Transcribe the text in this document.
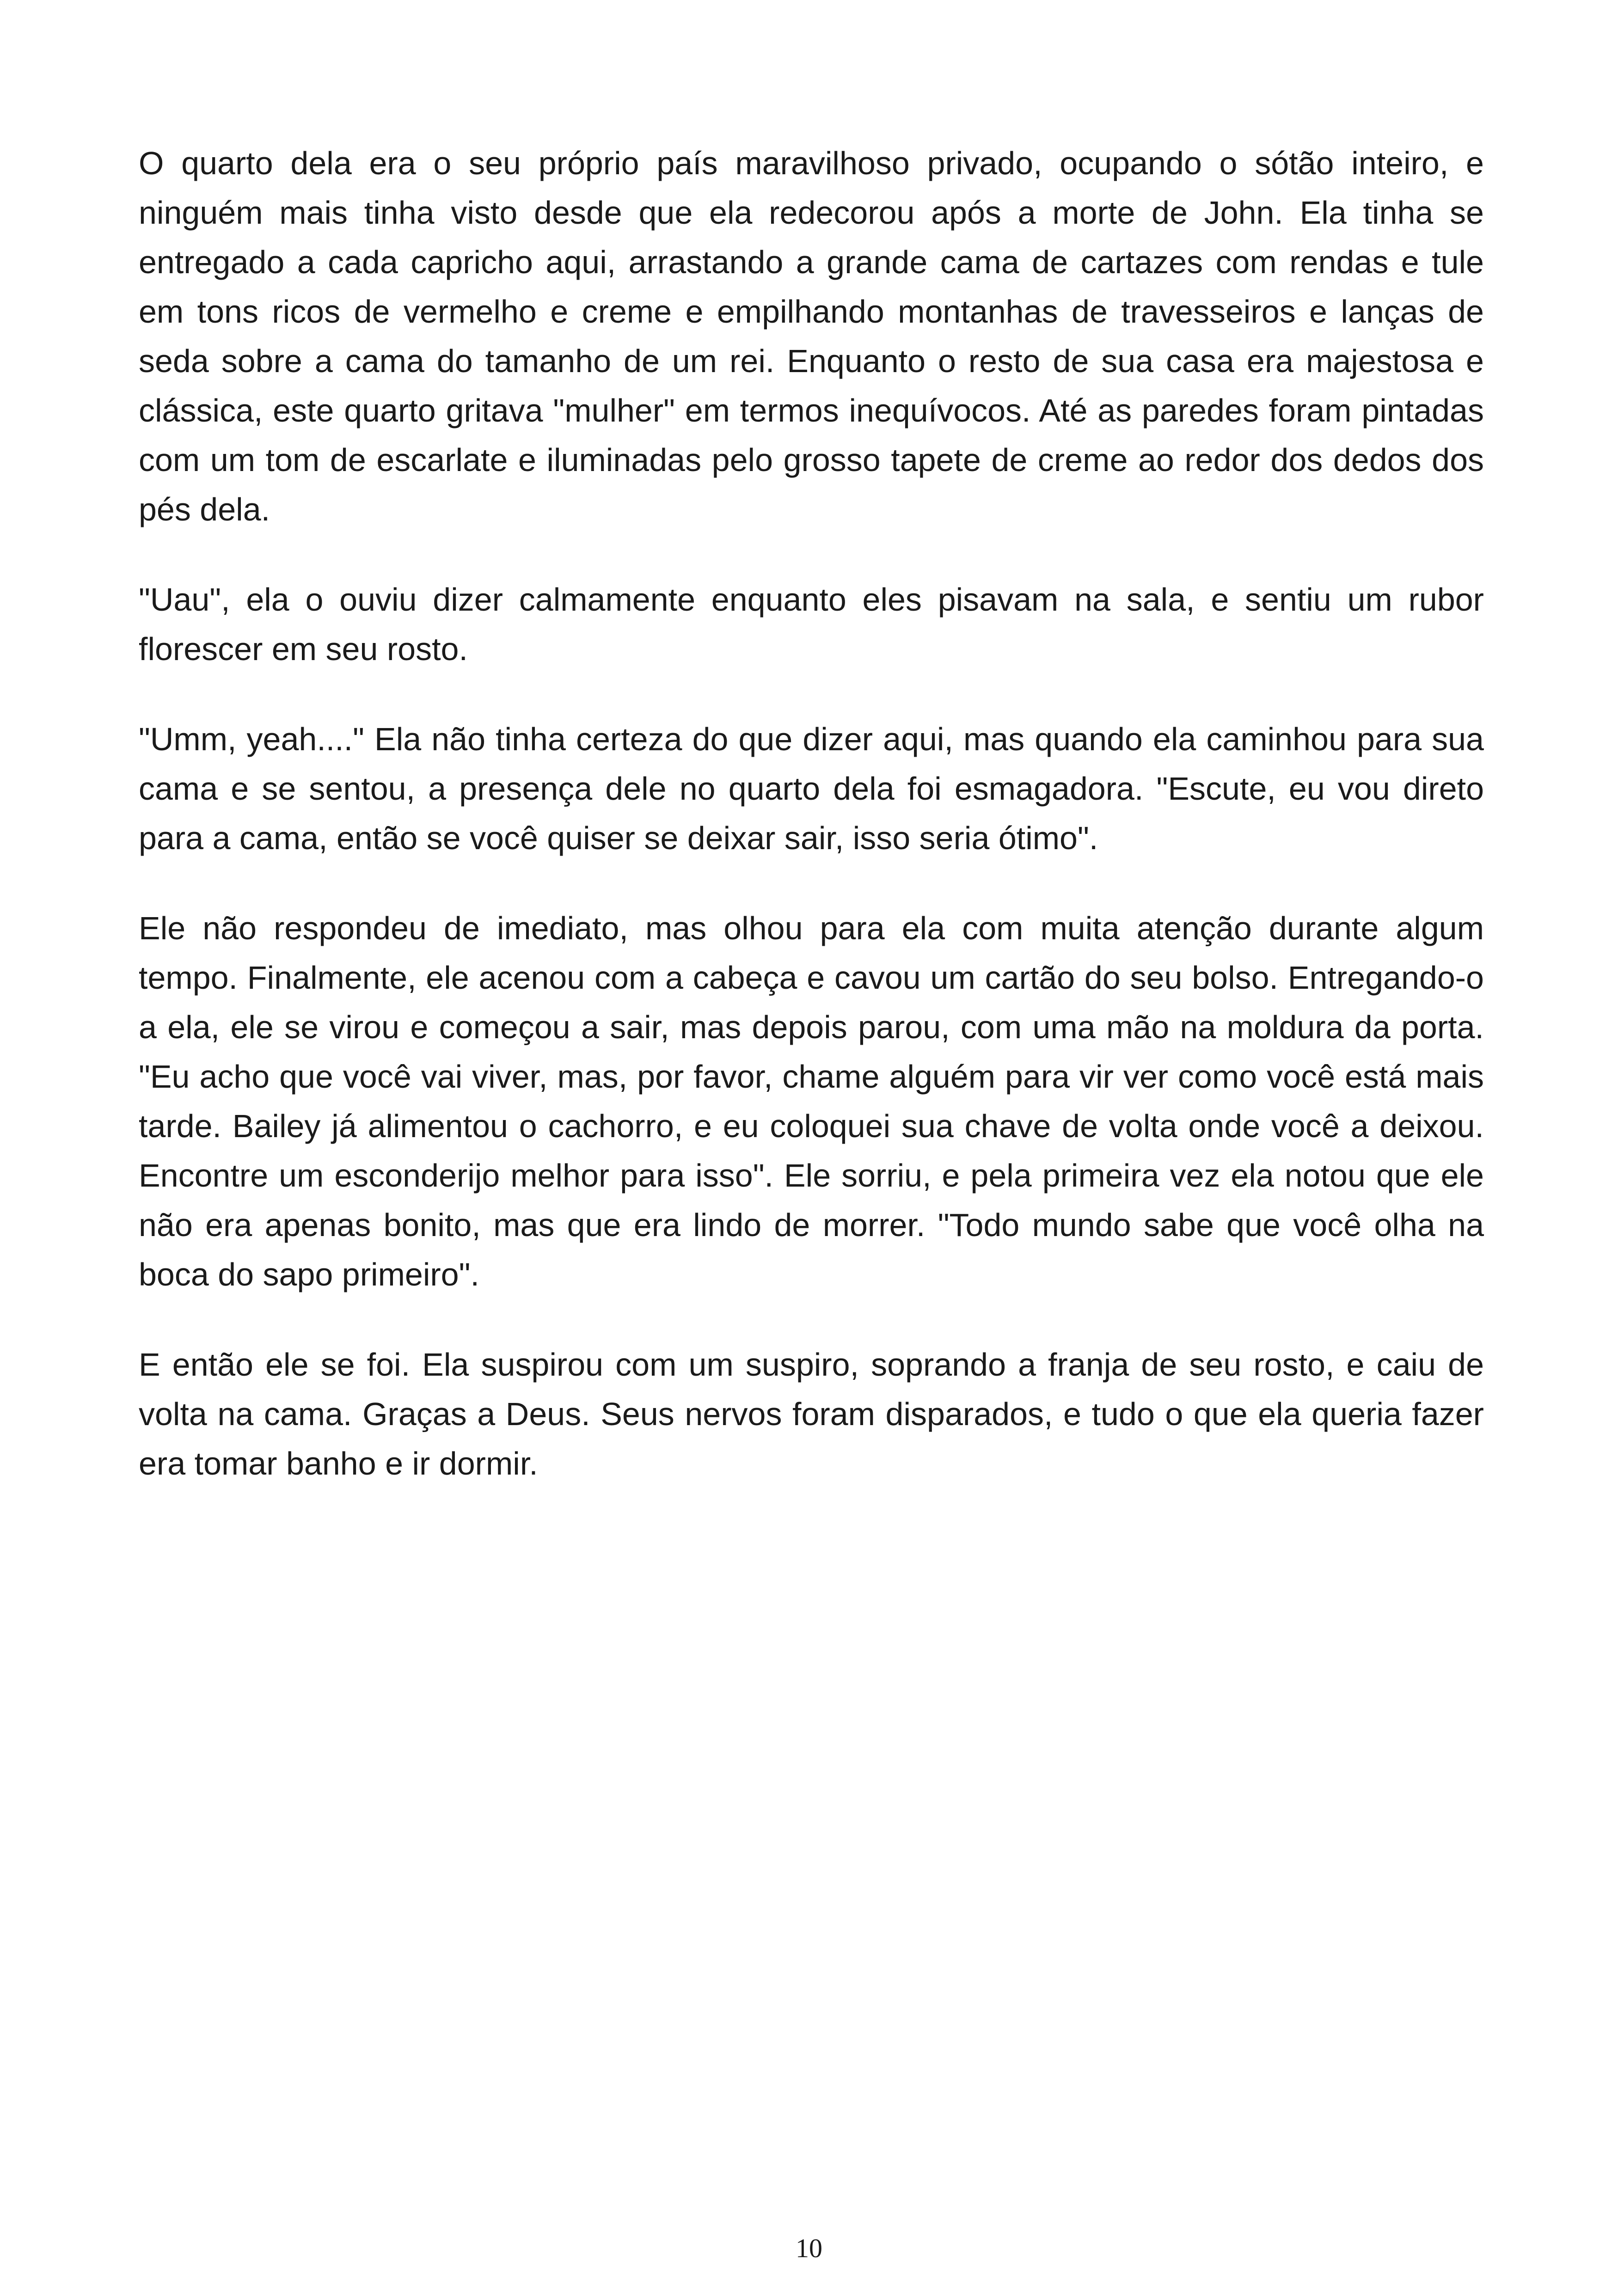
O quarto dela era o seu próprio país maravilhoso privado, ocupando o sótão inteiro, e ninguém mais tinha visto desde que ela redecorou após a morte de John. Ela tinha se entregado a cada capricho aqui, arrastando a grande cama de cartazes com rendas e tule em tons ricos de vermelho e creme e empilhando montanhas de travesseiros e lanças de seda sobre a cama do tamanho de um rei. Enquanto o resto de sua casa era majestosa e clássica, este quarto gritava "mulher" em termos inequívocos. Até as paredes foram pintadas com um tom de escarlate e iluminadas pelo grosso tapete de creme ao redor dos dedos dos pés dela.

"Uau", ela o ouviu dizer calmamente enquanto eles pisavam na sala, e sentiu um rubor florescer em seu rosto.

"Umm, yeah...." Ela não tinha certeza do que dizer aqui, mas quando ela caminhou para sua cama e se sentou, a presença dele no quarto dela foi esmagadora. "Escute, eu vou direto para a cama, então se você quiser se deixar sair, isso seria ótimo".

Ele não respondeu de imediato, mas olhou para ela com muita atenção durante algum tempo. Finalmente, ele acenou com a cabeça e cavou um cartão do seu bolso. Entregando-o a ela, ele se virou e começou a sair, mas depois parou, com uma mão na moldura da porta. "Eu acho que você vai viver, mas, por favor, chame alguém para vir ver como você está mais tarde. Bailey já alimentou o cachorro, e eu coloquei sua chave de volta onde você a deixou. Encontre um esconderijo melhor para isso". Ele sorriu, e pela primeira vez ela notou que ele não era apenas bonito, mas que era lindo de morrer. "Todo mundo sabe que você olha na boca do sapo primeiro".

E então ele se foi. Ela suspirou com um suspiro, soprando a franja de seu rosto, e caiu de volta na cama. Graças a Deus. Seus nervos foram disparados, e tudo o que ela queria fazer era tomar banho e ir dormir.

10
